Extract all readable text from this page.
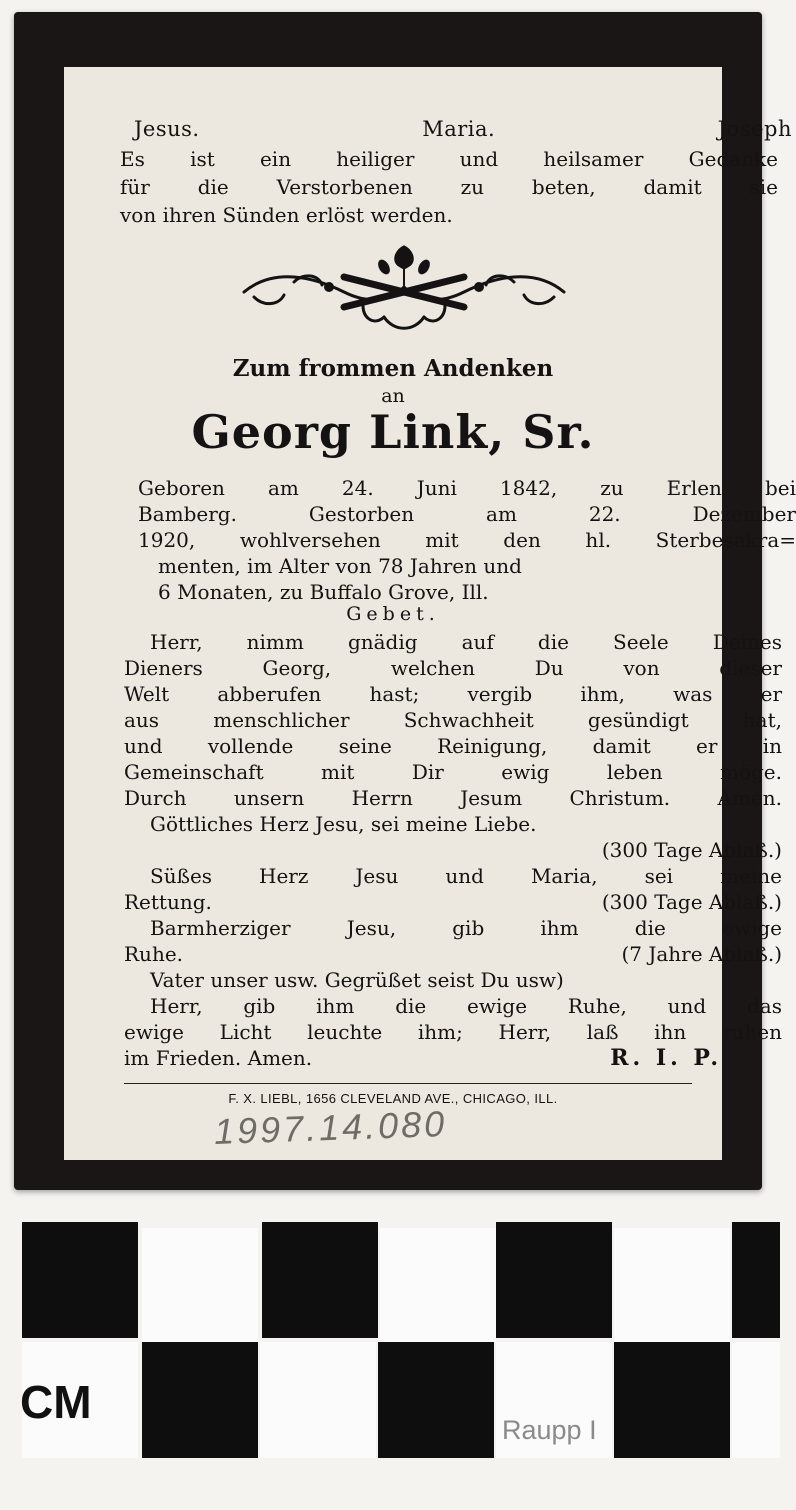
Jesus.	Maria.	Joseph
Es ist ein heiliger und heilsamer Gedanke
für die Verstorbenen zu beten, damit sie
von ihren Sünden erlöst werden.
Zum frommen Andenken
an
Georg Link, Sr.
Geboren am 24. Juni 1842, zu Erlen bei
Bamberg. Gestorben am 22. Dezember
1920, wohlversehen mit den hl. Sterbesakra=
menten, im Alter von 78 Jahren und
6 Monaten, zu Buffalo Grove, Ill.
Gebet.
Herr, nimm gnädig auf die Seele Deines
Dieners Georg, welchen Du von dieser
Welt abberufen hast; vergib ihm, was er
aus menschlicher Schwachheit gesündigt hat,
und vollende seine Reinigung, damit er in
Gemeinschaft mit Dir ewig leben möge.
Durch unsern Herrn Jesum Christum. Amen.
Göttliches Herz Jesu, sei meine Liebe.
(300 Tage Ablaß.)
Süßes Herz Jesu und Maria, sei meine
Rettung.	(300 Tage Ablaß.)
Barmherziger Jesu, gib ihm die ewige
Ruhe.	(7 Jahre Ablaß.)
Vater unser usw. Gegrüßet seist Du usw)
Herr, gib ihm die ewige Ruhe, und das
ewige Licht leuchte ihm; Herr, laß ihn ruhen
im Frieden. Amen.	R. I. P.
F. X. LIEBL, 1656 CLEVELAND AVE., CHICAGO, ILL.
1997.14.080
CM
Raupp I
